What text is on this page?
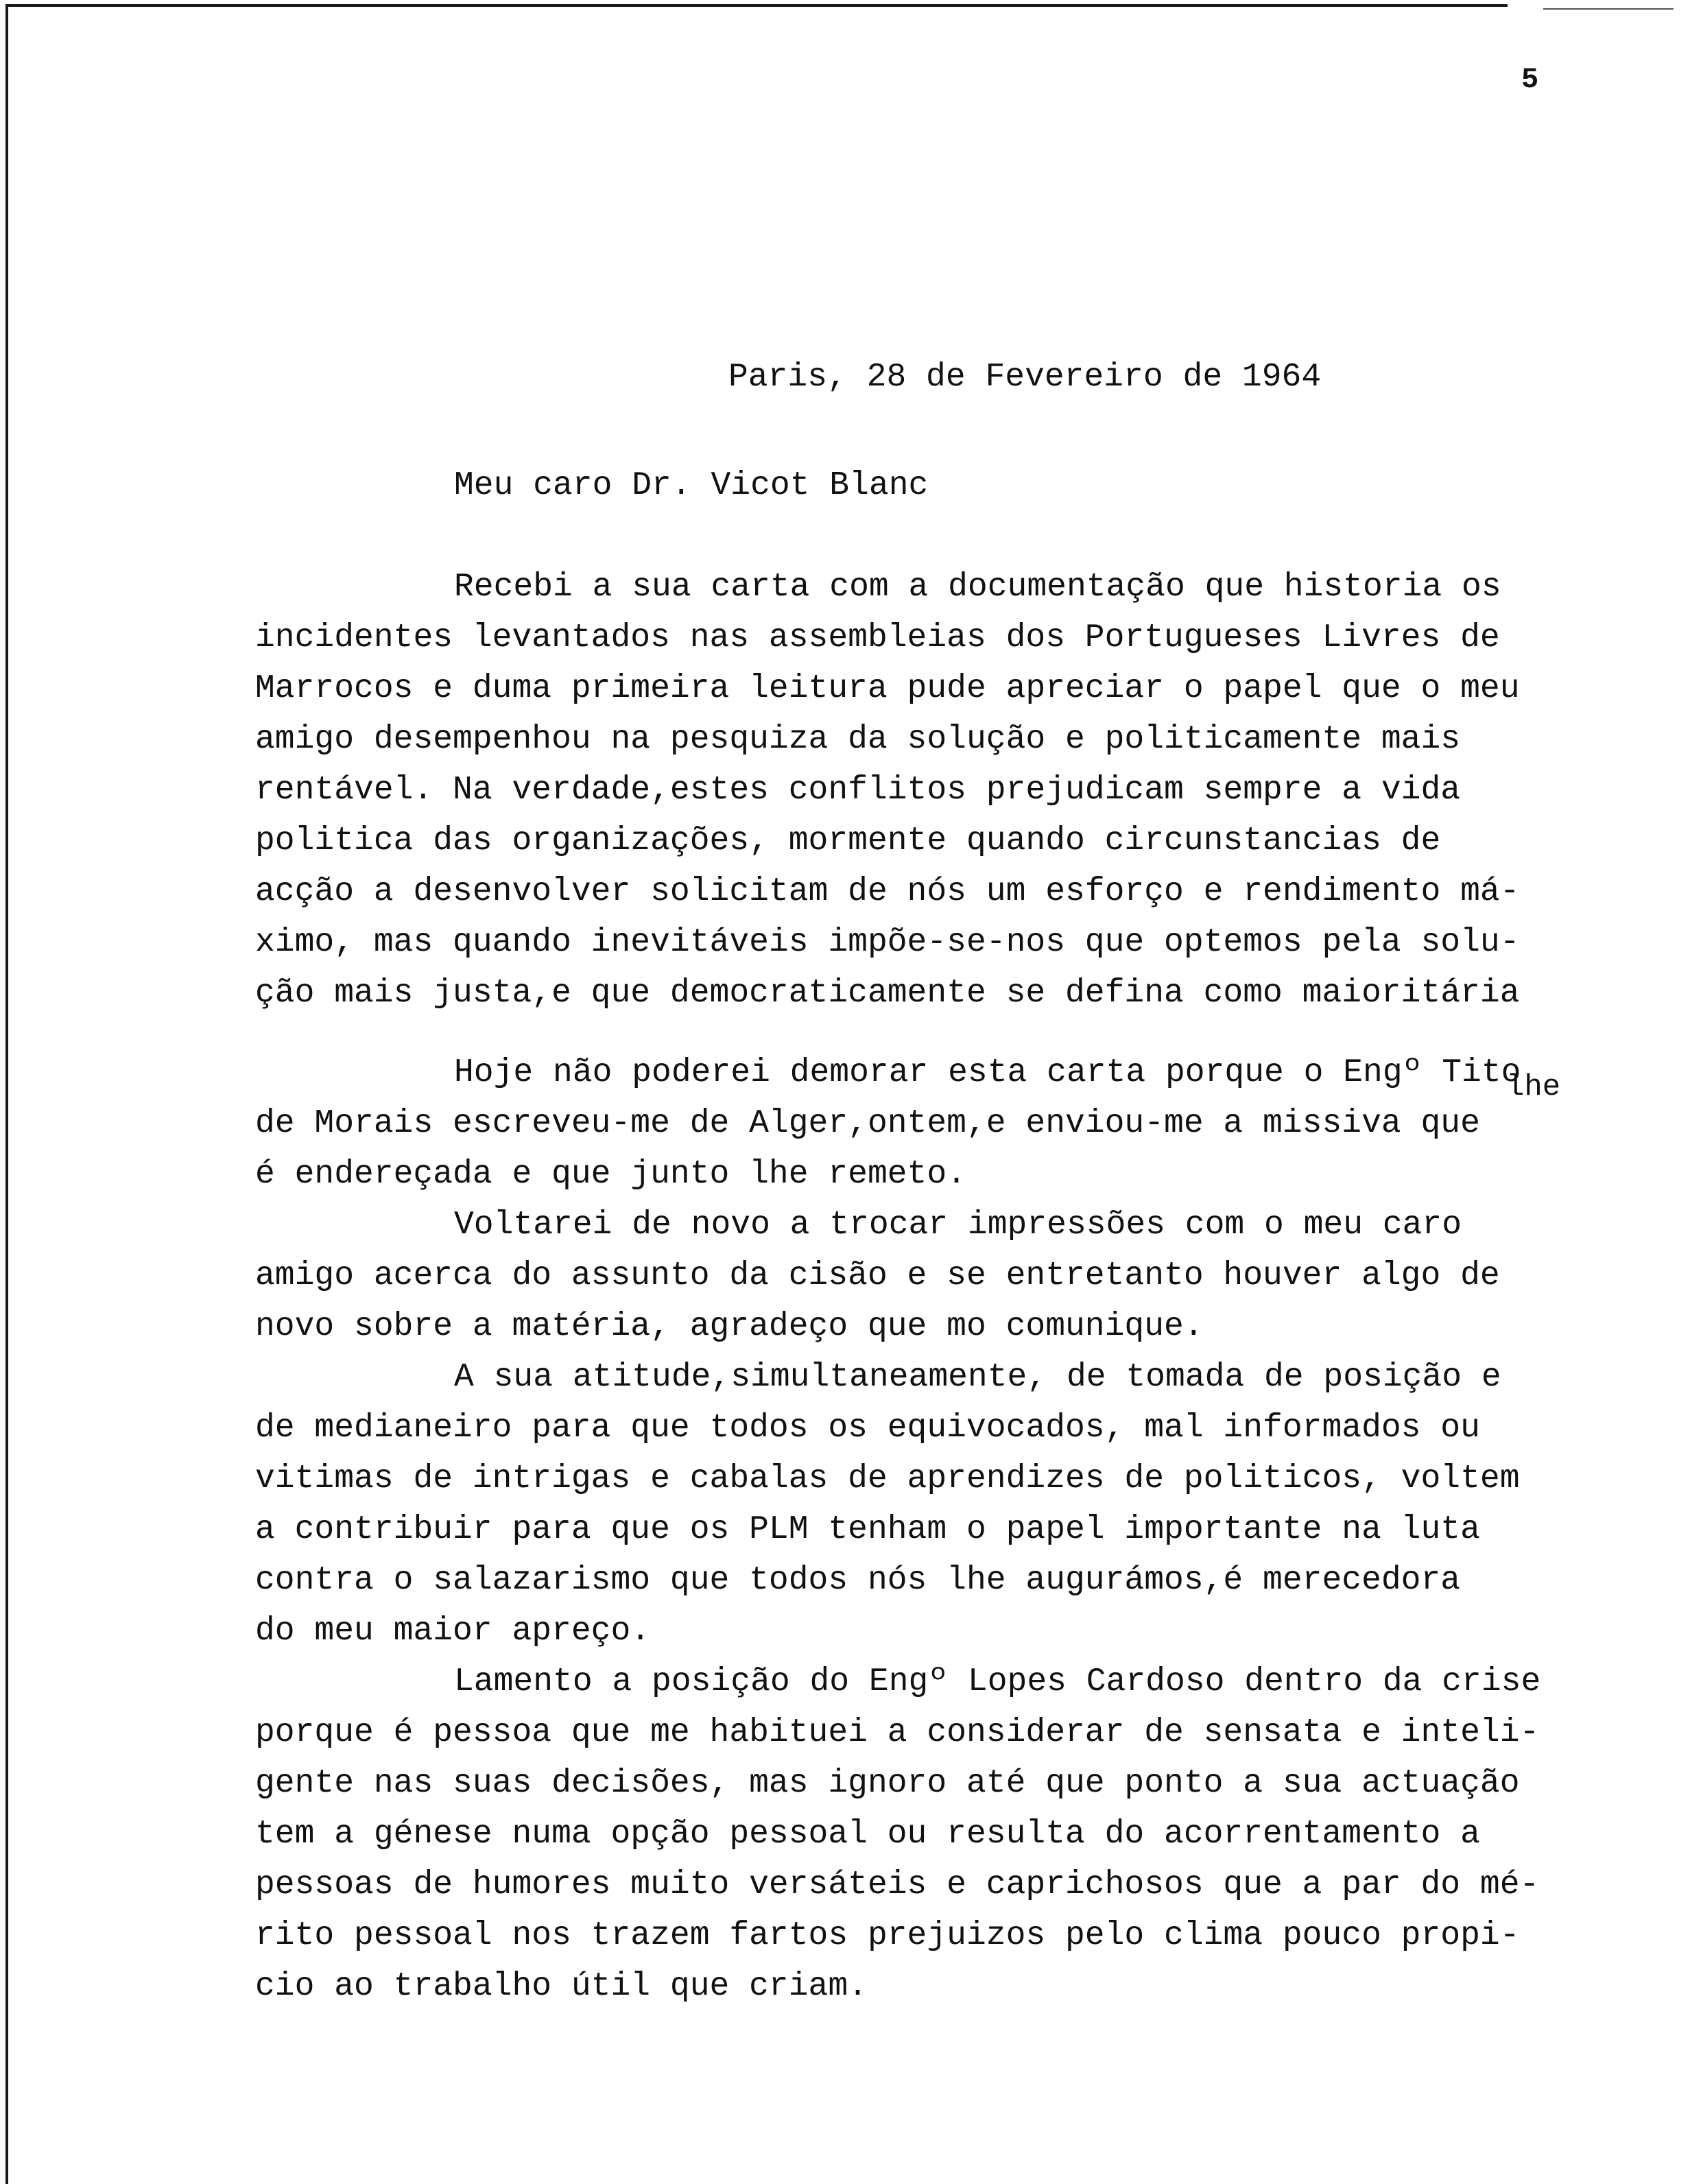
5
Paris, 28 de Fevereiro de 1964
Meu caro Dr. Vicot Blanc
Recebi a sua carta com a documentação que historia os
incidentes levantados nas assembleias dos Portugueses Livres de
Marrocos e duma primeira leitura pude apreciar o papel que o meu
amigo desempenhou na pesquiza da solução e politicamente mais
rentável. Na verdade,estes conflitos prejudicam sempre a vida
politica das organizações, mormente quando circunstancias de
acção a desenvolver solicitam de nós um esforço e rendimento má-
ximo, mas quando inevitáveis impõe-se-nos que optemos pela solu-
ção mais justa,e que democraticamente se defina como maioritária
Hoje não poderei demorar esta carta porque o Engº Tito
de Morais escreveu-me de Alger,ontem,e enviou-me a missiva que
é endereçada e que junto lhe remeto.
Voltarei de novo a trocar impressões com o meu caro
amigo acerca do assunto da cisão e se entretanto houver algo de
novo sobre a matéria, agradeço que mo comunique.
A sua atitude,simultaneamente, de tomada de posição e
de medianeiro para que todos os equivocados, mal informados ou
vitimas de intrigas e cabalas de aprendizes de politicos, voltem
a contribuir para que os PLM tenham o papel importante na luta
contra o salazarismo que todos nós lhe augurámos,é merecedora
do meu maior apreço.
Lamento a posição do Engº Lopes Cardoso dentro da crise
porque é pessoa que me habituei a considerar de sensata e inteli-
gente nas suas decisões, mas ignoro até que ponto a sua actuação
tem a génese numa opção pessoal ou resulta do acorrentamento a
pessoas de humores muito versáteis e caprichosos que a par do mé-
rito pessoal nos trazem fartos prejuizos pelo clima pouco propi-
cio ao trabalho útil que criam.
lhe
